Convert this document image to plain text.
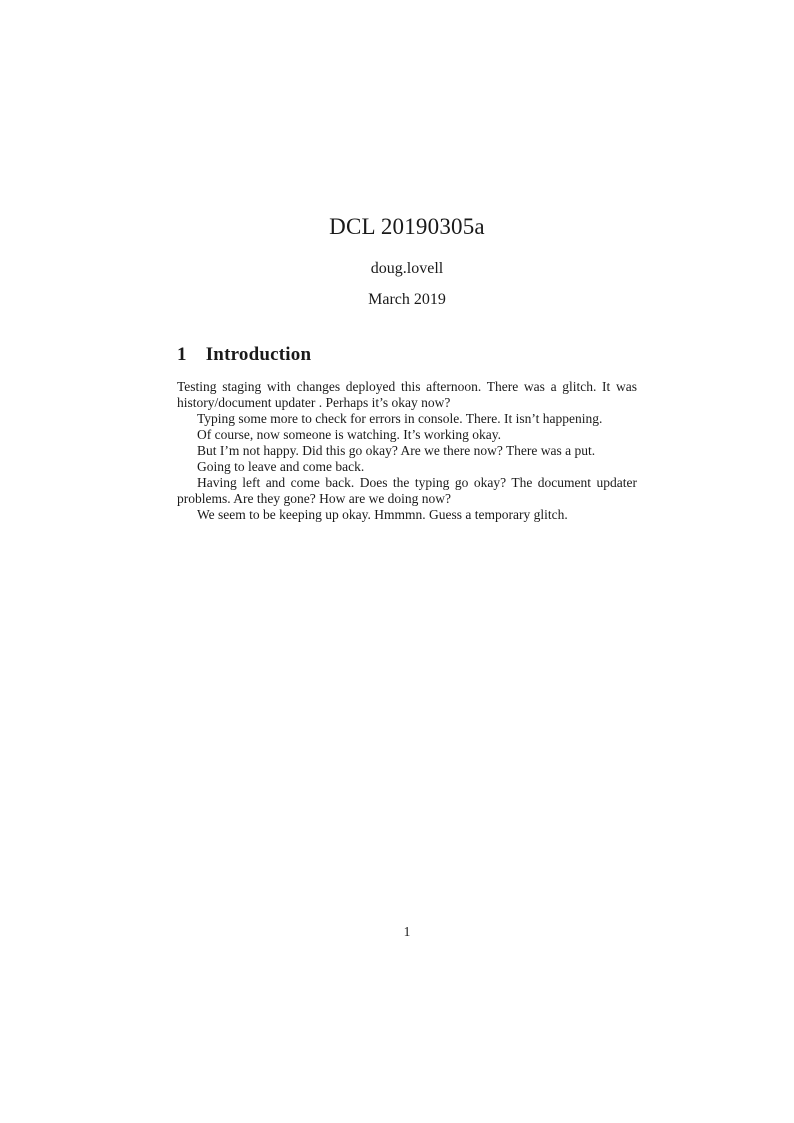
DCL 20190305a
doug.lovell
March 2019
1 Introduction

Testing staging with changes deployed this afternoon. There was a glitch. It was history/document updater . Perhaps it’s okay now?

Typing some more to check for errors in console. There. It isn’t happening.

Of course, now someone is watching. It’s working okay.

But I’m not happy. Did this go okay? Are we there now? There was a put.

Going to leave and come back.

Having left and come back. Does the typing go okay? The document updater problems. Are they gone? How are we doing now?

We seem to be keeping up okay. Hmmmn. Guess a temporary glitch.

1
